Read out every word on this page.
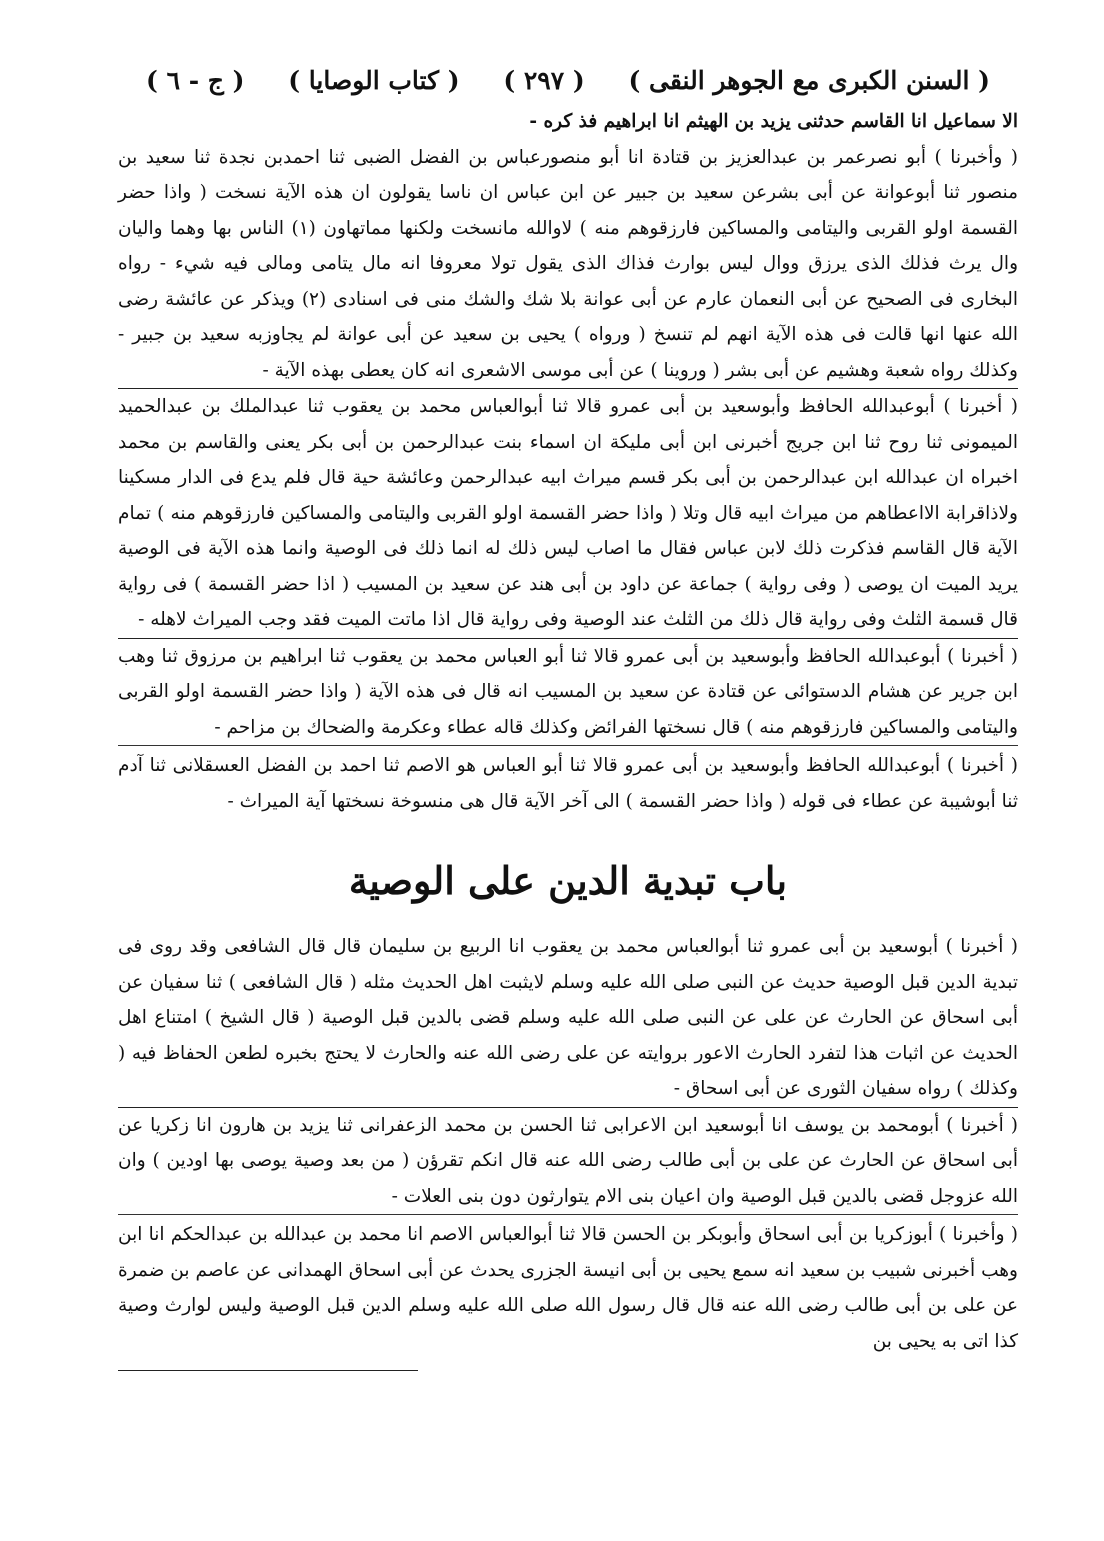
( السنن الكبرى مع الجوهر النقى )
( ٢٩٧ )
( كتاب الوصايا )
( ج - ٦ )

الا سماعيل انا القاسم حدثنى يزيد بن الهيثم انا ابراهيم فذ كره -

( وأخبرنا ) أبو نصرعمر بن عبدالعزيز بن قتادة انا أبو منصورعباس بن الفضل الضبى ثنا احمدبن نجدة ثنا سعيد بن منصور ثنا أبوعوانة عن أبى بشرعن سعيد بن جبير عن ابن عباس ان ناسا يقولون ان هذه الآية نسخت ( واذا حضر القسمة اولو القربى واليتامى والمساكين فارزقوهم منه ) لاوالله مانسخت ولكنها مماتهاون (١) الناس بها وهما واليان وال يرث فذلك الذى يرزق ووال ليس بوارث فذاك الذى يقول تولا معروفا انه مال يتامى ومالى فيه شيء - رواه البخارى فى الصحيح عن أبى النعمان عارم عن أبى عوانة بلا شك والشك منى فى اسنادى (٢) ويذكر عن عائشة رضى الله عنها انها قالت فى هذه الآية انهم لم تنسخ ( ورواه ) يحيى بن سعيد عن أبى عوانة لم يجاوزبه سعيد بن جبير - وكذلك رواه شعبة وهشيم عن أبى بشر ( وروينا ) عن أبى موسى الاشعرى انه كان يعطى بهذه الآية -

( أخبرنا ) أبوعبدالله الحافظ وأبوسعيد بن أبى عمرو قالا ثنا أبوالعباس محمد بن يعقوب ثنا عبدالملك بن عبدالحميد الميمونى ثنا روح ثنا ابن جريج أخبرنى ابن أبى مليكة ان اسماء بنت عبدالرحمن بن أبى بكر يعنى والقاسم بن محمد اخبراه ان عبدالله ابن عبدالرحمن بن أبى بكر قسم ميراث ابيه عبدالرحمن وعائشة حية قال فلم يدع فى الدار مسكينا ولاذاقرابة الااعطاهم من ميراث ابيه قال وتلا ( واذا حضر القسمة اولو القربى واليتامى والمساكين فارزقوهم منه ) تمام الآية قال القاسم فذكرت ذلك لابن عباس فقال ما اصاب ليس ذلك له انما ذلك فى الوصية وانما هذه الآية فى الوصية يريد الميت ان يوصى ( وفى رواية ) جماعة عن داود بن أبى هند عن سعيد بن المسيب ( اذا حضر القسمة ) فى رواية قال قسمة الثلث وفى رواية قال ذلك من الثلث عند الوصية وفى رواية قال اذا ماتت الميت فقد وجب الميراث لاهله -

( أخبرنا ) أبوعبدالله الحافظ وأبوسعيد بن أبى عمرو قالا ثنا أبو العباس محمد بن يعقوب ثنا ابراهيم بن مرزوق ثنا وهب ابن جرير عن هشام الدستوائى عن قتادة عن سعيد بن المسيب انه قال فى هذه الآية ( واذا حضر القسمة اولو القربى واليتامى والمساكين فارزقوهم منه ) قال نسختها الفرائض وكذلك قاله عطاء وعكرمة والضحاك بن مزاحم -

( أخبرنا ) أبوعبدالله الحافظ وأبوسعيد بن أبى عمرو قالا ثنا أبو العباس هو الاصم ثنا احمد بن الفضل العسقلانى ثنا آدم ثنا أبوشيبة عن عطاء فى قوله ( واذا حضر القسمة ) الى آخر الآية قال هى منسوخة نسختها آية الميراث -

باب تبدية الدين على الوصية

( أخبرنا ) أبوسعيد بن أبى عمرو ثنا أبوالعباس محمد بن يعقوب انا الربيع بن سليمان قال قال الشافعى وقد روى فى تبدية الدين قبل الوصية حديث عن النبى صلى الله عليه وسلم لايثبت اهل الحديث مثله ( قال الشافعى ) ثنا سفيان عن أبى اسحاق عن الحارث عن على عن النبى صلى الله عليه وسلم قضى بالدين قبل الوصية ( قال الشيخ ) امتناع اهل الحديث عن اثبات هذا لتفرد الحارث الاعور بروايته عن على رضى الله عنه والحارث لا يحتج بخبره لطعن الحفاظ فيه ( وكذلك ) رواه سفيان الثورى عن أبى اسحاق -

( أخبرنا ) أبومحمد بن يوسف انا أبوسعيد ابن الاعرابى ثنا الحسن بن محمد الزعفرانى ثنا يزيد بن هارون انا زكريا عن أبى اسحاق عن الحارث عن على بن أبى طالب رضى الله عنه قال انكم تقرؤن ( من بعد وصية يوصى بها اودين ) وان الله عزوجل قضى بالدين قبل الوصية وان اعيان بنى الام يتوارثون دون بنى العلات -

( وأخبرنا ) أبوزكريا بن أبى اسحاق وأبوبكر بن الحسن قالا ثنا أبوالعباس الاصم انا محمد بن عبدالله بن عبدالحكم انا ابن وهب أخبرنى شبيب بن سعيد انه سمع يحيى بن أبى انيسة الجزرى يحدث عن أبى اسحاق الهمدانى عن عاصم بن ضمرة عن على بن أبى طالب رضى الله عنه قال قال رسول الله صلى الله عليه وسلم الدين قبل الوصية وليس لوارث وصية كذا اتى به يحيى بن
